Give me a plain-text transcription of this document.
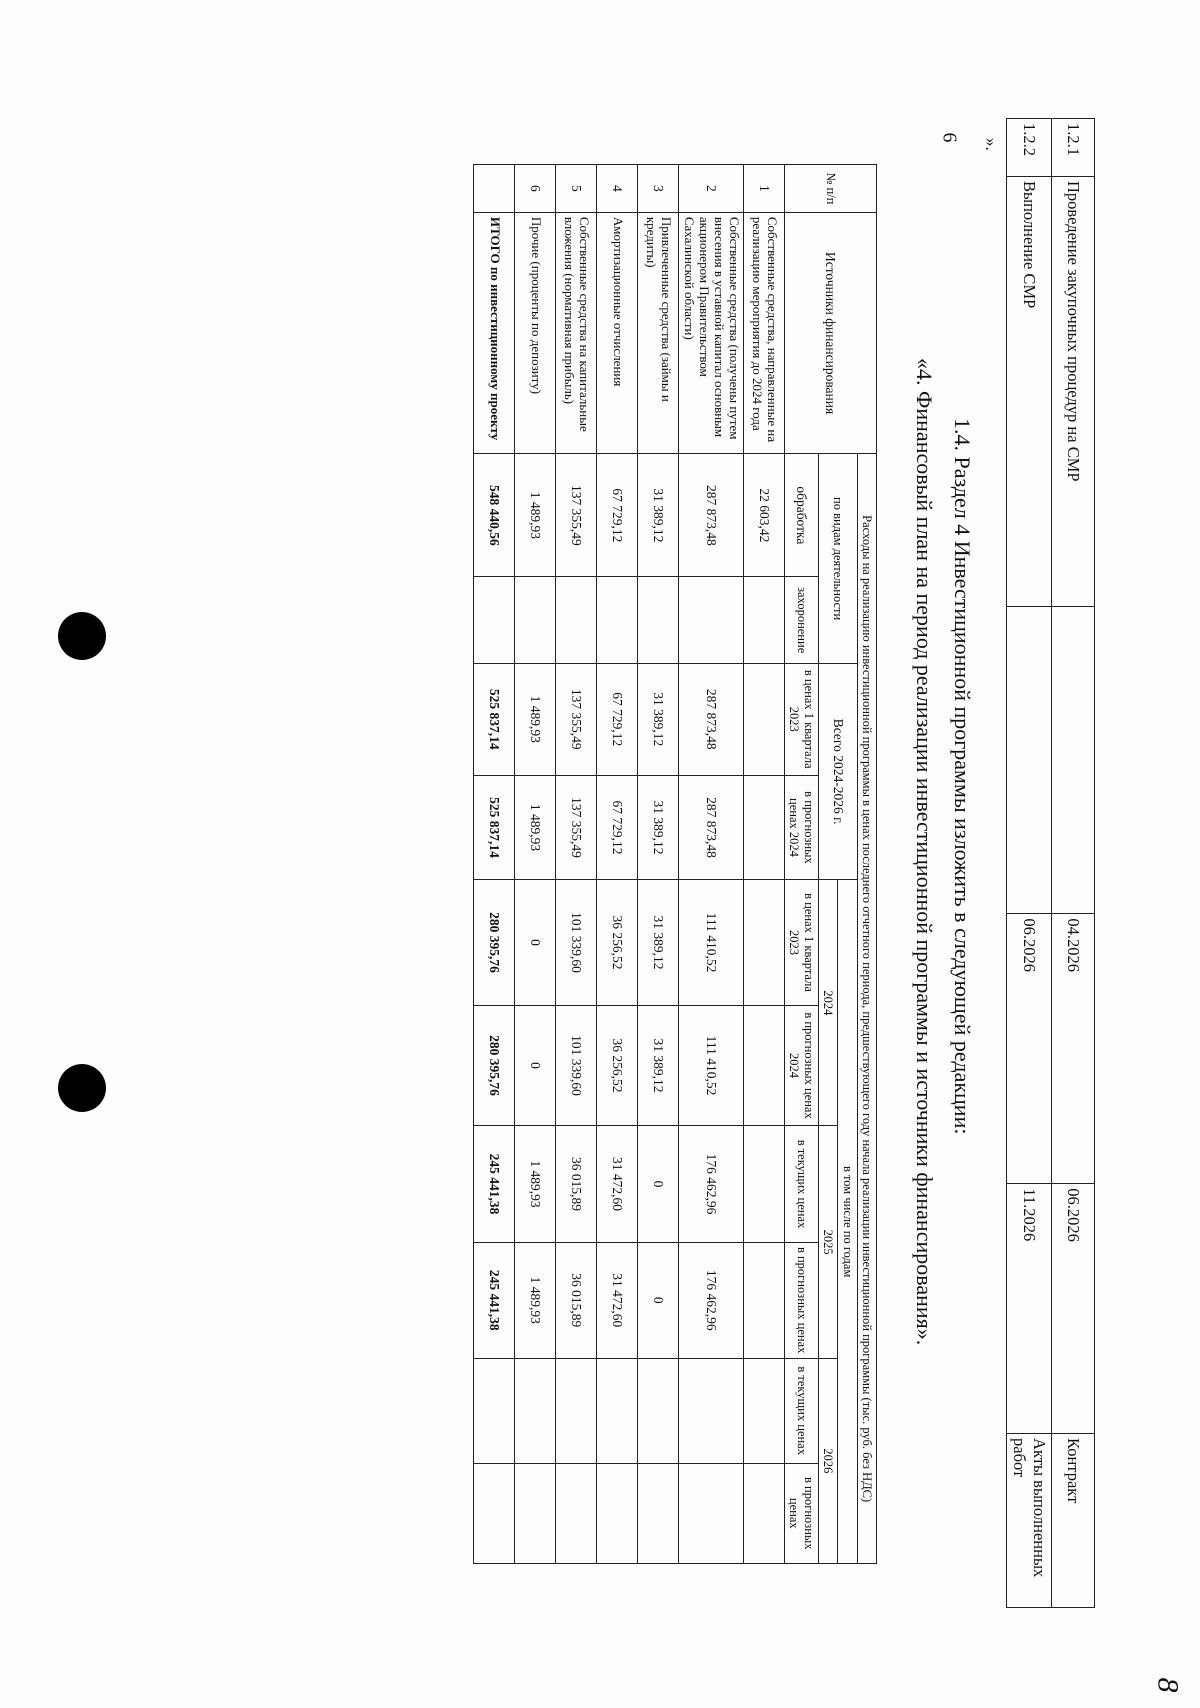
6
8
1.2.1	Проведение закупочных процедур на СМР		04.2026	06.2026	Контракт
1.2.2	Выполнение СМР		06.2026	11.2026	Акты выполненных работ
».
1.4. Раздел 4 Инвестиционной программы изложить в следующей редакции:
«4. Финансовый план на период реализации инвестиционной программы и источники финансирования».
№ п/п	Источники финансирования	Расходы на реализацию инвестиционной программы в ценах последнего отчетного периода, предшествующего году начала реализации инвестиционной программы (тыс. руб. без НДС)									
		по видам деятельности		Всего 2024-2026 г.		в том числе по годам					
						2024		2025		2026	
		обработка	захоронение	в ценах 1 квартала 2023	в прогнозных ценах 2024	в ценах 1 квартала 2023	в прогнозных ценах 2024	в текущих ценах	в прогнозных ценах	в текущих ценах	в прогнозных ценах
1	Собственные средства, направленные на реализацию мероприятия до 2024 года	22 603,42									
2	Собственные средства (получены путем внесения в уставной капитал основным акционером Правительством Сахалинской области)	287 873,48		287 873,48	287 873,48	111 410,52	111 410,52	176 462,96	176 462,96		
3	Привлеченные средства (займы и кредиты)	31 389,12		31 389,12	31 389,12	31 389,12	31 389,12	0	0		
4	Амортизационные отчисления	67 729,12		67 729,12	67 729,12	36 256,52	36 256,52	31 472,60	31 472,60		
5	Собственные средства на капитальные вложения (нормативная прибыль)	137 355,49		137 355,49	137 355,49	101 339,60	101 339,60	36 015,89	36 015,89		
6	Прочие (проценты по депозиту)	1 489,93		1 489,93	1 489,93	0	0	1 489,93	1 489,93		
	ИТОГО по инвестиционному проекту	548 440,56		525 837,14	525 837,14	280 395,76	280 395,76	245 441,38	245 441,38		
